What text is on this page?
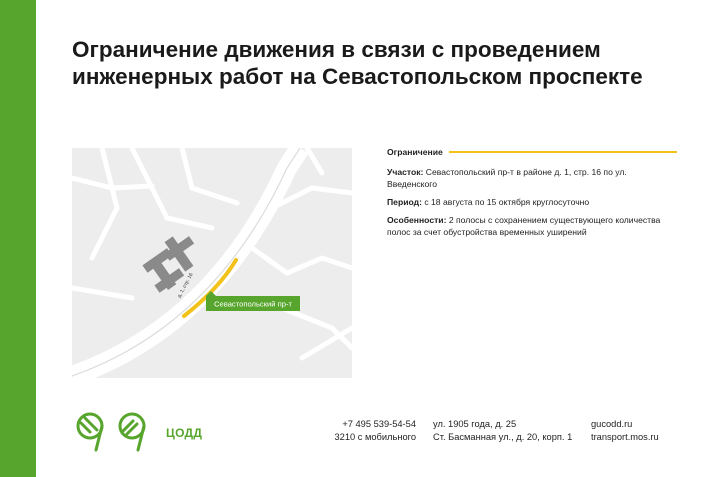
Ограничение движения в связи с проведением инженерных работ на Севастопольском проспекте
д. 1, стр. 16
Севастопольский пр-т
Ограничение

Участок: Севастопольский пр-т в районе д. 1, стр. 16 по ул. Введенского

Период: с 18 августа по 15 октября круглосуточно

Особенности: 2 полосы с сохранением существующего количества полос за счет обустройства временных уширений

ЦОДД
+7 495 539-54-54
3210 с мобильного
ул. 1905 года, д. 25
Ст. Басманная ул., д. 20, корп. 1
gucodd.ru
transport.mos.ru
